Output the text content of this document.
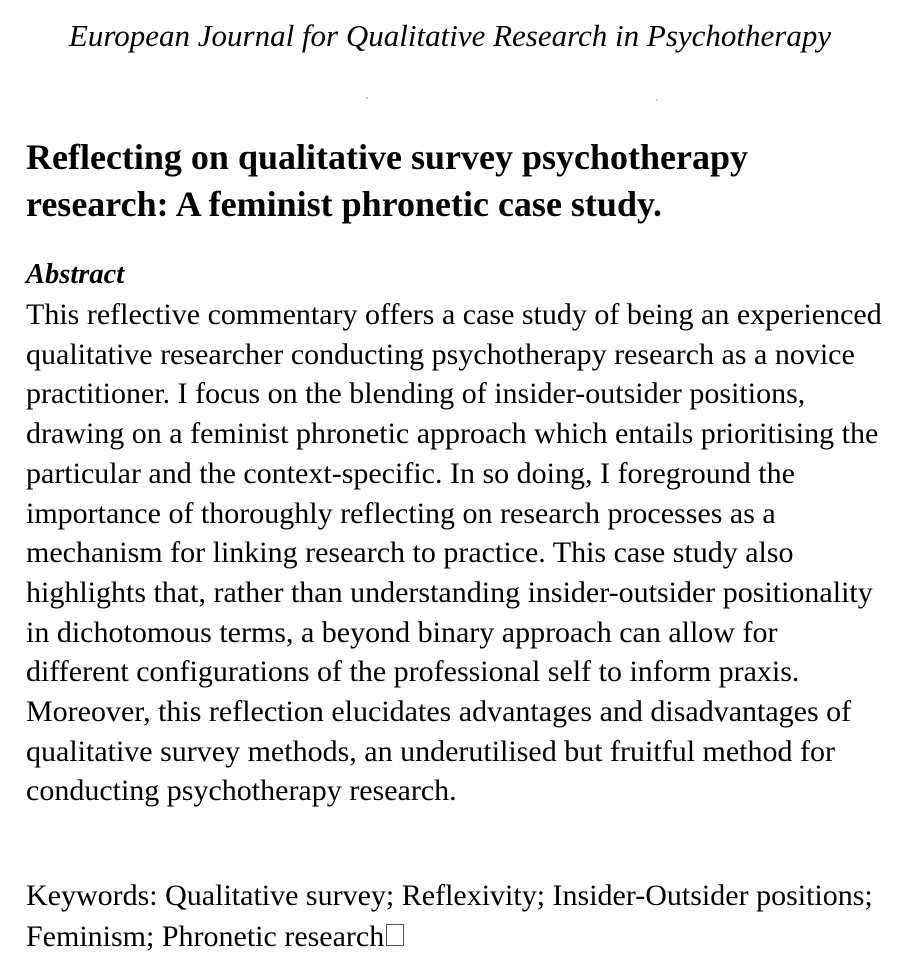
European Journal for Qualitative Research in Psychotherapy
Reflecting on qualitative survey psychotherapy research: A feminist phronetic case study.
Abstract

This reflective commentary offers a case study of being an experienced qualitative researcher conducting psychotherapy research as a novice practitioner. I focus on the blending of insider-outsider positions, drawing on a feminist phronetic approach which entails prioritising the particular and the context-specific. In so doing, I foreground the importance of thoroughly reflecting on research processes as a mechanism for linking research to practice. This case study also highlights that, rather than understanding insider-outsider positionality in dichotomous terms, a beyond binary approach can allow for different configurations of the professional self to inform praxis. Moreover, this reflection elucidates advantages and disadvantages of qualitative survey methods, an underutilised but fruitful method for conducting psychotherapy research.

Keywords: Qualitative survey; Reflexivity; Insider-Outsider positions; Feminism; Phronetic research
